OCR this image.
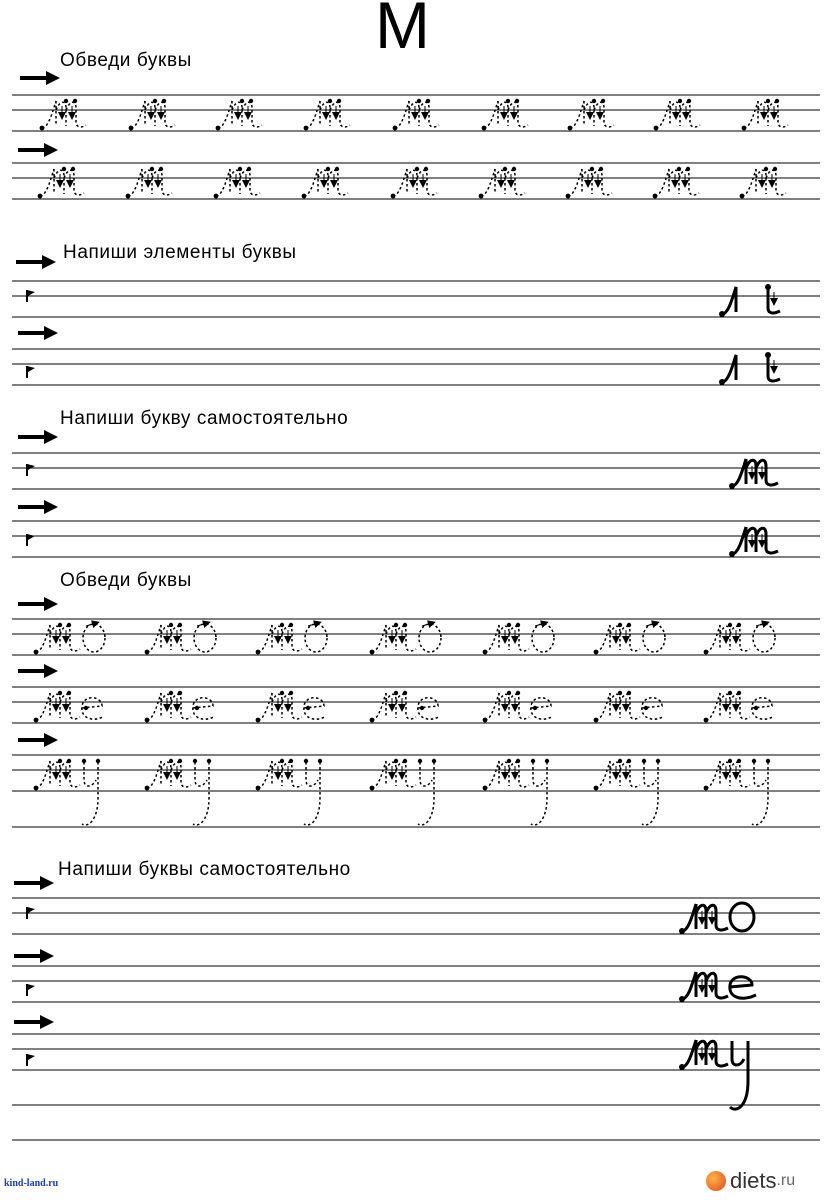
М
Обведи буквы
Напиши элементы буквы
Напиши букву самостоятельно
Обведи буквы
Напиши буквы самостоятельно
kind-land.ru	diets .ru
